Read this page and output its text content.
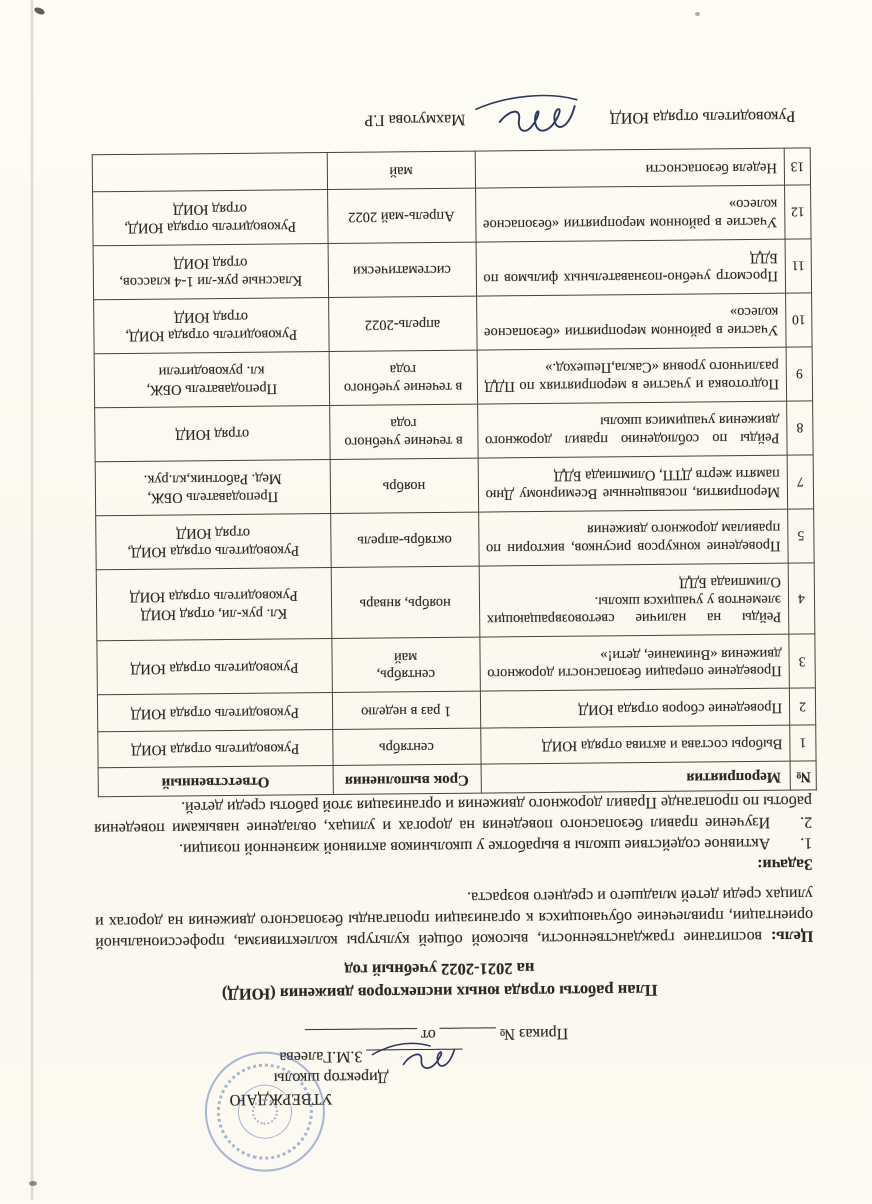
УТВЕРЖДАЮ
Директор школы
____________ З.М.Галеева
Приказ № _______ от ______________
План работы отряда юных инспекторов движения (ЮИД)
на 2021-2022 учебный год

Цель: воспитание гражданственности, высокой общей культуры коллективизма, профессиональной ориентации, привлечение обучающихся к организации пропаганды безопасного движения на дорогах и улицах среди детей младшего и среднего возраста.

Задачи:

1.Активное содействие школы в выработке у школьников активной жизненной позиции.

2.Изучение правил безопасного поведения на дорогах и улицах, овладение навыками поведения работы по пропаганде Правил дорожного движения и организация этой работы среди детей.

№	Мероприятия	Срок выполнения	Ответственный
1	Выборы состава и актива отряда ЮИД	сентябрь	Руководитель отряда ЮИД
2	Проведение сборов отряда ЮИД	1 раз в неделю	Руководитель отряда ЮИД
3	Проведение операции безопасности дорожного движения «Внимание, дети!»	сентябрь,
май	Руководитель отряда ЮИД
4	Рейды на наличие световозвращающих элементов у учащихся школы.
Олимпиада БДД	ноябрь, январь	Кл. рук-ли, отряд ЮИД
Руководитель отряда ЮИД
5	Проведение конкурсов рисунков, викторин по правилам дорожного движения	октябрь-апрель	Руководитель отряда ЮИД,
отряд ЮИД
7	Мероприятия, посвященные Всемирному Дню памяти жертв ДТП, Олимпиада БДД	ноябрь	Преподаватель ОБЖ,
Мед. Работник,кл.рук.
8	Рейды по соблюдению правил дорожного движения учащимися школы	в течение учебного года	отряд ЮИД
9	Подготовка и участие в мероприятиях по ПДД различного уровня «Сакла,Пешеход.»	в течение учебного года	Преподаватель ОБЖ,
кл. руководители
10	Участие в районном мероприятии «безопасное колесо»	апрель-2022	Руководитель отряда ЮИД,
отряд ЮИД
11	Просмотр учебно-познавательных фильмов по БДД	систематически	Классные рук-ли 1-4 классов, отряд ЮИД
12	Участие в районном мероприятии «безопасное колесо»	Апрель-май 2022	Руководитель отряда ЮИД,
отряд ЮИД
13	Неделя безопасности	май	
Руководитель отряда ЮИД
Махмутова Г.Р
